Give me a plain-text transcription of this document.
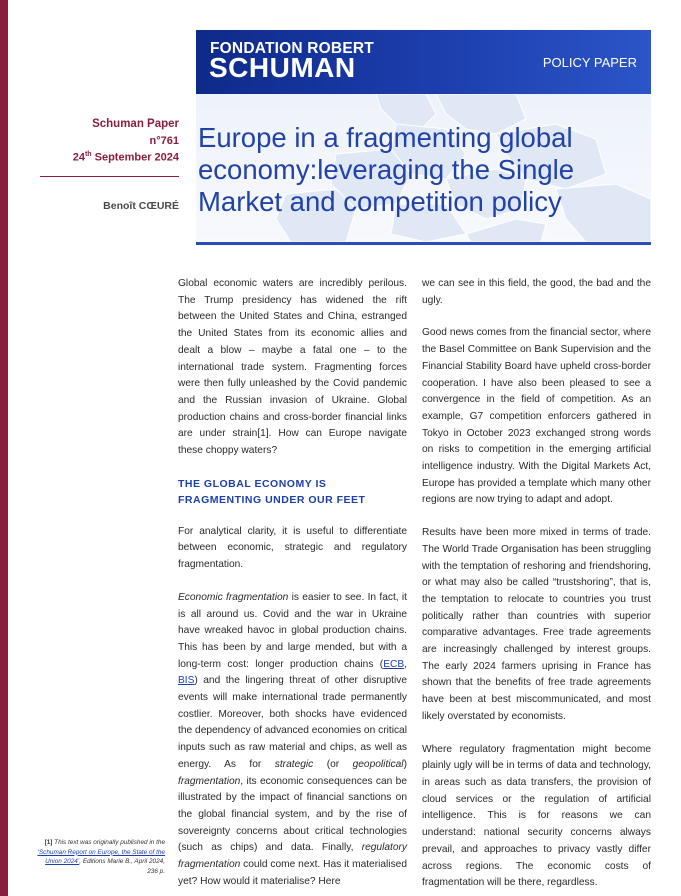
FONDATION ROBERT
SCHUMAN	POLICY PAPER
Schuman Paper
n°761
24th September 2024
Benoît CŒURÉ
Europe in a fragmenting global economy:leveraging the Single Market and competition policy

Global economic waters are incredibly perilous. The Trump presidency has widened the rift between the United States and China, estranged the United States from its economic allies and dealt a blow – maybe a fatal one – to the international trade system. Fragmenting forces were then fully unleashed by the Covid pandemic and the Russian invasion of Ukraine. Global production chains and cross-border financial links are under strain[1]. How can Europe navigate these choppy waters?

THE GLOBAL ECONOMY IS FRAGMENTING UNDER OUR FEET

For analytical clarity, it is useful to differentiate between economic, strategic and regulatory fragmentation.

Economic fragmentation is easier to see. In fact, it is all around us. Covid and the war in Ukraine have wreaked havoc in global production chains. This has been by and large mended, but with a long-term cost: longer production chains (ECB, BIS) and the lingering threat of other disruptive events will make international trade permanently costlier. Moreover, both shocks have evidenced the dependency of advanced economies on critical inputs such as raw material and chips, as well as energy. As for strategic (or geopolitical) fragmentation, its economic consequences can be illustrated by the impact of financial sanctions on the global financial system, and by the rise of sovereignty concerns about critical technologies (such as chips) and data. Finally, regulatory fragmentation could come next. Has it materialised yet? How would it materialise? Here

we can see in this field, the good, the bad and the ugly.

Good news comes from the financial sector, where the Basel Committee on Bank Supervision and the Financial Stability Board have upheld cross-border cooperation. I have also been pleased to see a convergence in the field of competition. As an example, G7 competition enforcers gathered in Tokyo in October 2023 exchanged strong words on risks to competition in the emerging artificial intelligence industry. With the Digital Markets Act, Europe has provided a template which many other regions are now trying to adapt and adopt.

Results have been more mixed in terms of trade. The World Trade Organisation has been struggling with the temptation of reshoring and friendshoring, or what may also be called “trustshoring”, that is, the temptation to relocate to countries you trust politically rather than countries with superior comparative advantages. Free trade agreements are increasingly challenged by interest groups. The early 2024 farmers uprising in France has shown that the benefits of free trade agreements have been at best miscommunicated, and most likely overstated by economists.

Where regulatory fragmentation might become plainly ugly will be in terms of data and technology, in areas such as data transfers, the provision of cloud services or the regulation of artificial intelligence. This is for reasons we can understand: national security concerns always prevail, and approaches to privacy vastly differ across regions. The economic costs of fragmentation will be there, regardless.

[1] This text was originally published in the ‘Schuman Report on Europe, the State of the Union 2024’, Editions Marie B., April 2024, 236 p.
